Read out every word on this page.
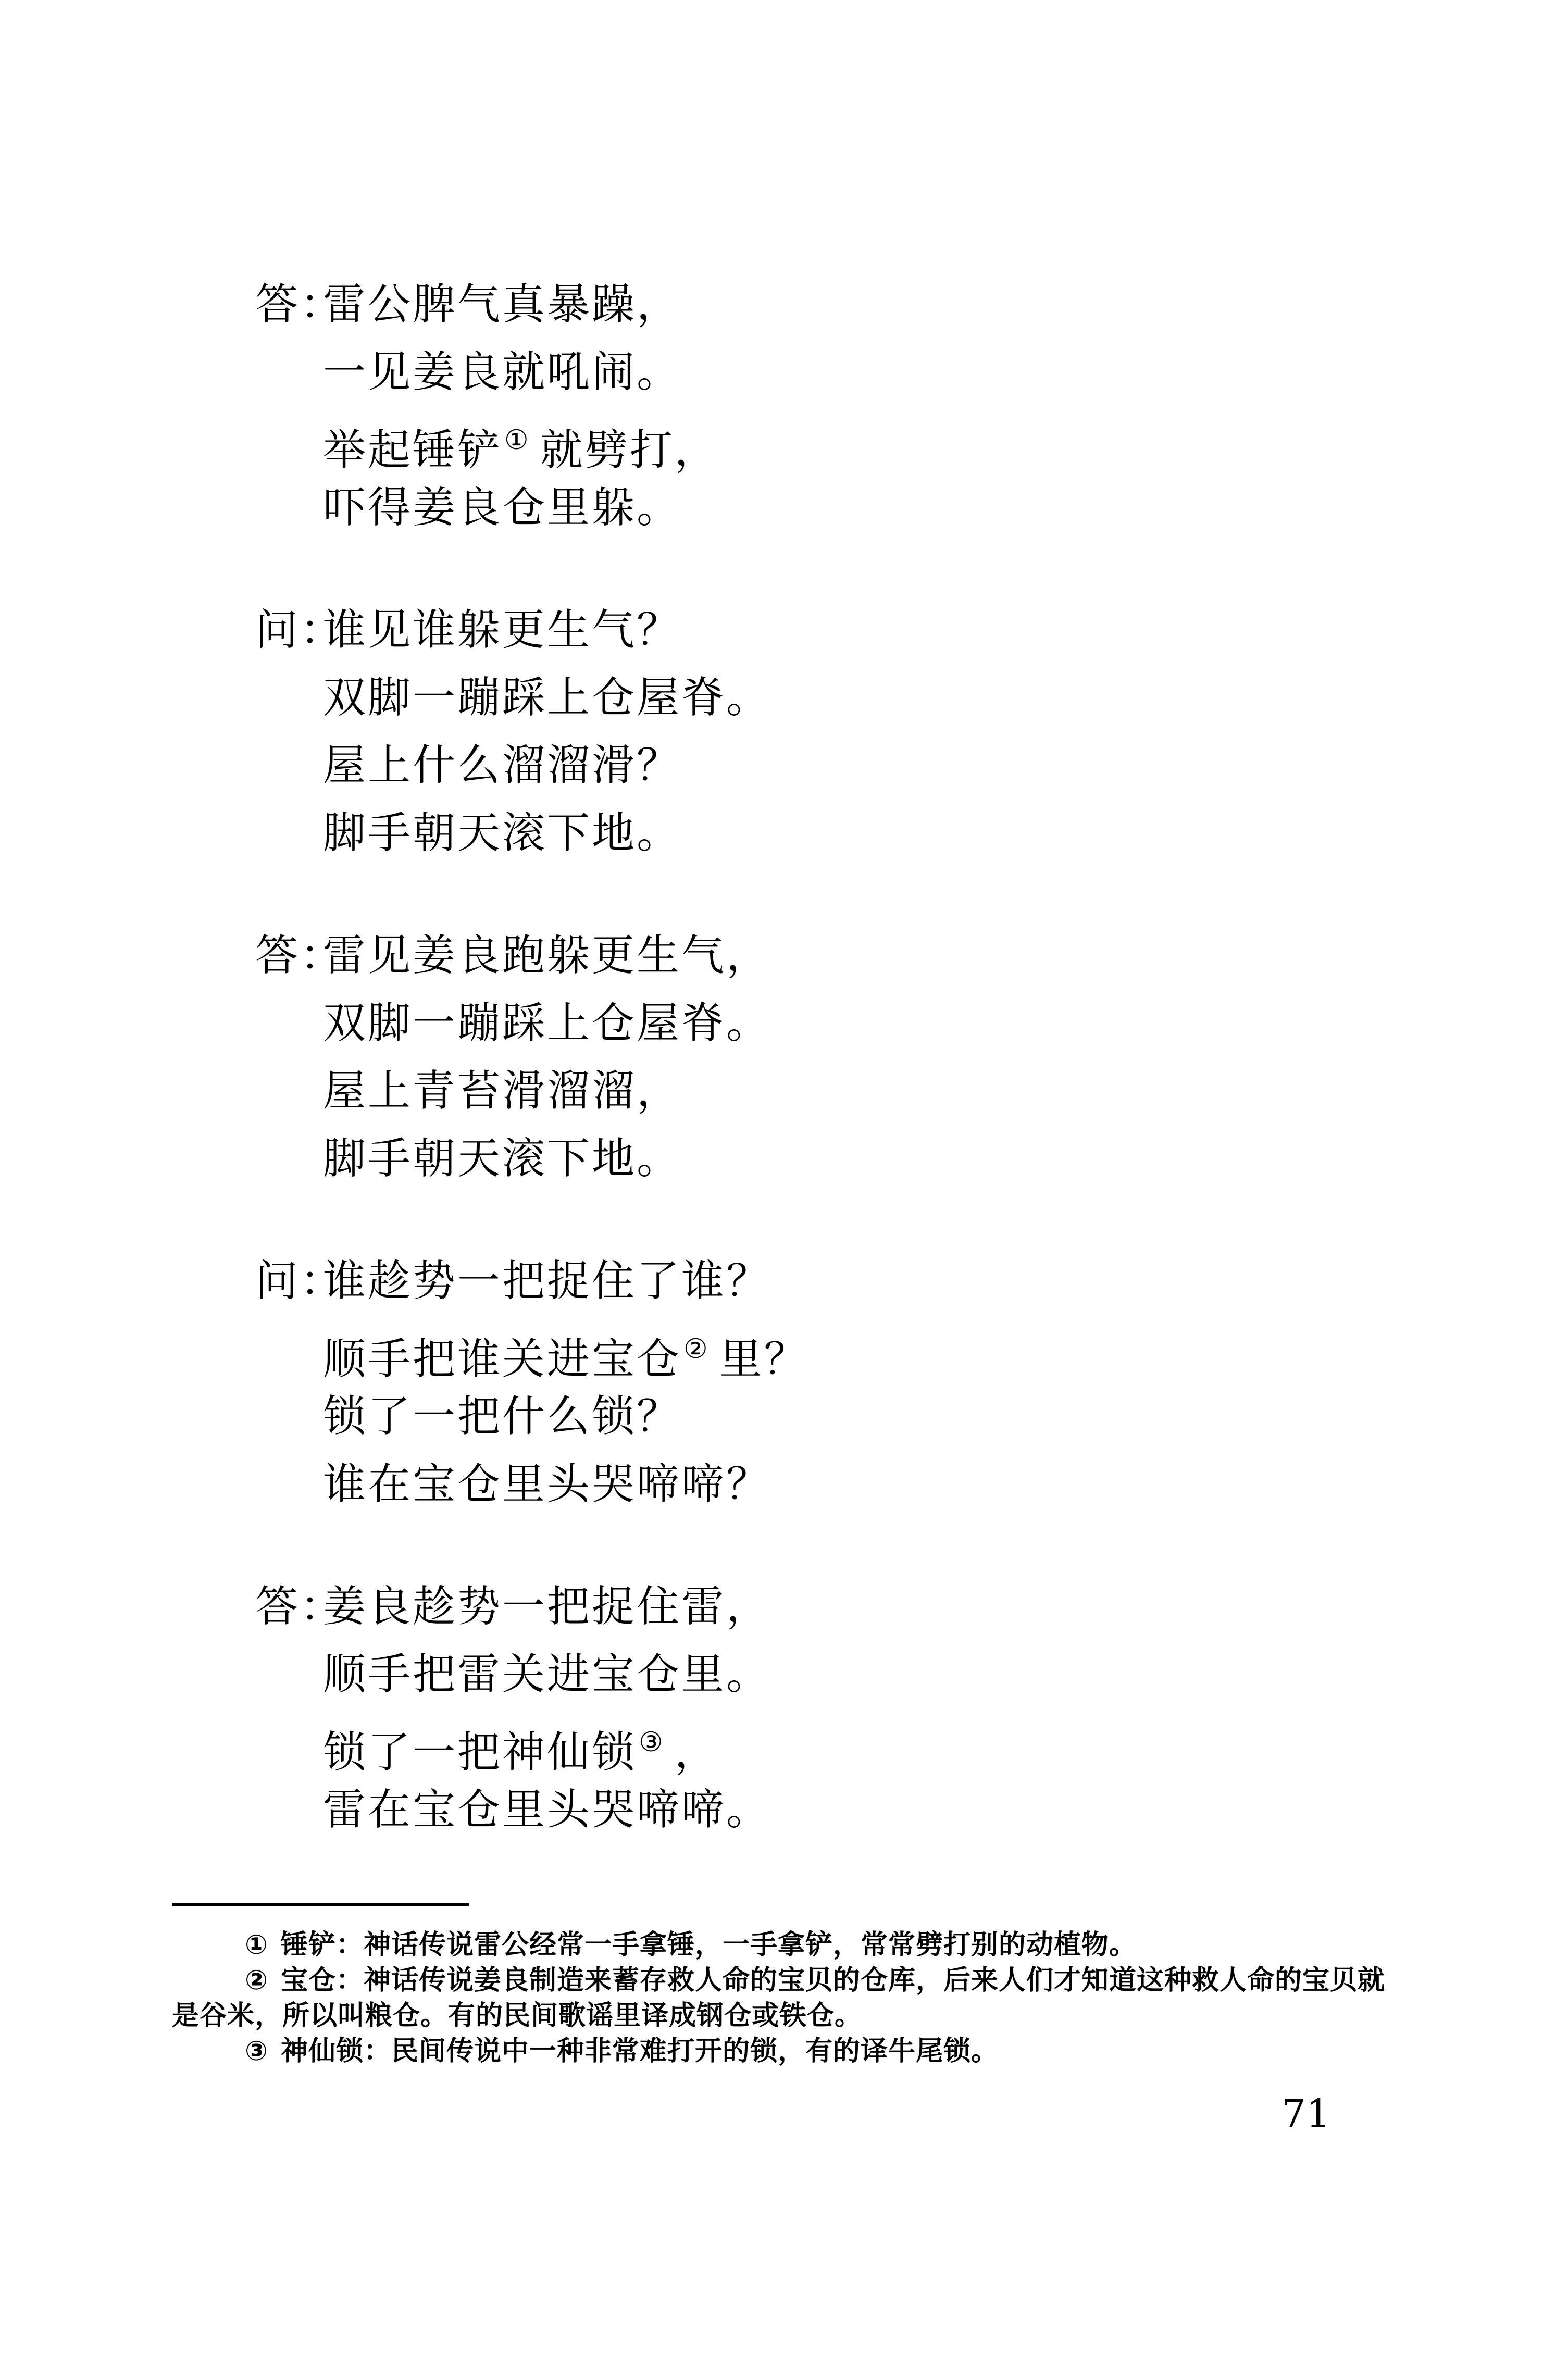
答：雷公脾气真暴躁，
一见姜良就吼闹。
举起锤铲① 就劈打，
吓得姜良仓里躲。
问：谁见谁躲更生气？
双脚一蹦踩上仓屋脊。
屋上什么溜溜滑？
脚手朝天滚下地。
答：雷见姜良跑躲更生气，
双脚一蹦踩上仓屋脊。
屋上青苔滑溜溜，
脚手朝天滚下地。
问：谁趁势一把捉住了谁？
顺手把谁关进宝仓② 里？
锁了一把什么锁？
谁在宝仓里头哭啼啼？
答：姜良趁势一把捉住雷，
顺手把雷关进宝仓里。
锁了一把神仙锁③ ，
雷在宝仓里头哭啼啼。
① 锤铲：神话传说雷公经常一手拿锤，一手拿铲，常常劈打别的动植物。
② 宝仓：神话传说姜良制造来蓄存救人命的宝贝的仓库，后来人们才知道这种救人命的宝贝就是谷米，所以叫粮仓。有的民间歌谣里译成钢仓或铁仓。
③ 神仙锁：民间传说中一种非常难打开的锁，有的译牛尾锁。
71
